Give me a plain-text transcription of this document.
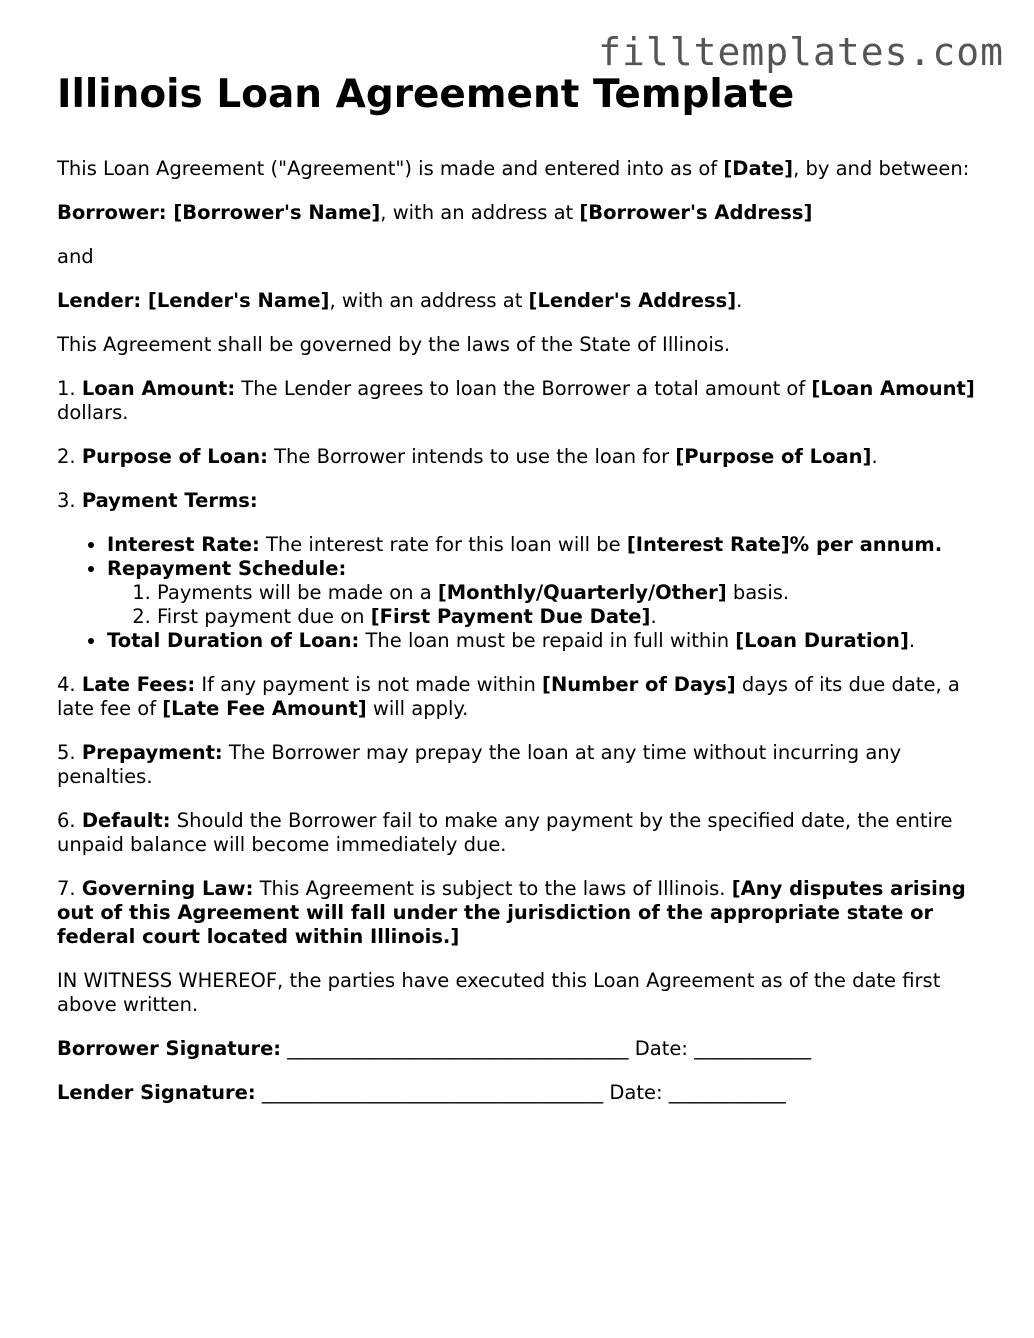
filltemplates.com
Illinois Loan Agreement Template

This Loan Agreement ("Agreement") is made and entered into as of [Date], by and between:

Borrower: [Borrower's Name], with an address at [Borrower's Address]

and

Lender: [Lender's Name], with an address at [Lender's Address].

This Agreement shall be governed by the laws of the State of Illinois.

1. Loan Amount: The Lender agrees to loan the Borrower a total amount of [Loan Amount] dollars.

2. Purpose of Loan: The Borrower intends to use the loan for [Purpose of Loan].

3. Payment Terms:

• Interest Rate: The interest rate for this loan will be [Interest Rate]% per annum.
• Repayment Schedule:
1. Payments will be made on a [Monthly/Quarterly/Other] basis.
2. First payment due on [First Payment Due Date].
• Total Duration of Loan: The loan must be repaid in full within [Loan Duration].

4. Late Fees: If any payment is not made within [Number of Days] days of its due date, a late fee of [Late Fee Amount] will apply.

5. Prepayment: The Borrower may prepay the loan at any time without incurring any penalties.

6. Default: Should the Borrower fail to make any payment by the specified date, the entire unpaid balance will become immediately due.

7. Governing Law: This Agreement is subject to the laws of Illinois. [Any disputes arising out of this Agreement will fall under the jurisdiction of the appropriate state or federal court located within Illinois.]

IN WITNESS WHEREOF, the parties have executed this Loan Agreement as of the date first above written.

Borrower Signature: ___________________________________ Date: ____________

Lender Signature: ___________________________________ Date: ____________
